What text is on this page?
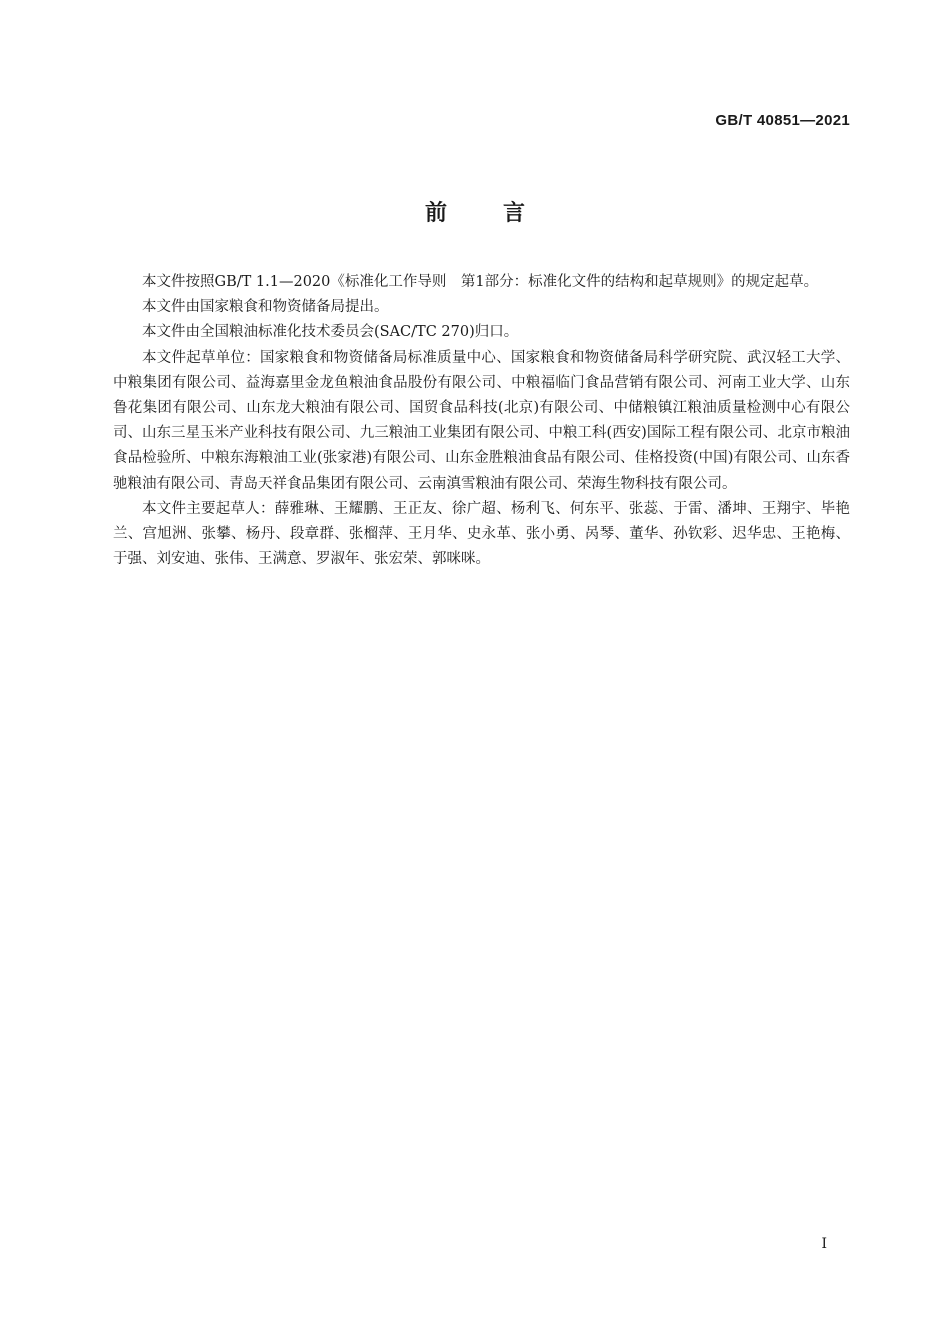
GB/T 40851—2021
前言

本文件按照GB/T 1.1—2020《标准化工作导则　第1部分：标准化文件的结构和起草规则》的规定起草。

本文件由国家粮食和物资储备局提出。

本文件由全国粮油标准化技术委员会(SAC/TC 270)归口。

本文件起草单位：国家粮食和物资储备局标准质量中心、国家粮食和物资储备局科学研究院、武汉轻工大学、中粮集团有限公司、益海嘉里金龙鱼粮油食品股份有限公司、中粮福临门食品营销有限公司、河南工业大学、山东鲁花集团有限公司、山东龙大粮油有限公司、国贸食品科技(北京)有限公司、中储粮镇江粮油质量检测中心有限公司、山东三星玉米产业科技有限公司、九三粮油工业集团有限公司、中粮工科(西安)国际工程有限公司、北京市粮油食品检验所、中粮东海粮油工业(张家港)有限公司、山东金胜粮油食品有限公司、佳格投资(中国)有限公司、山东香驰粮油有限公司、青岛天祥食品集团有限公司、云南滇雪粮油有限公司、荣海生物科技有限公司。

本文件主要起草人：薛雅琳、王耀鹏、王正友、徐广超、杨利飞、何东平、张蕊、于雷、潘坤、王翔宇、毕艳兰、宫旭洲、张攀、杨丹、段章群、张榴萍、王月华、史永革、张小勇、呙琴、董华、孙钦彩、迟华忠、王艳梅、于强、刘安迪、张伟、王满意、罗淑年、张宏荣、郭咪咪。

I
